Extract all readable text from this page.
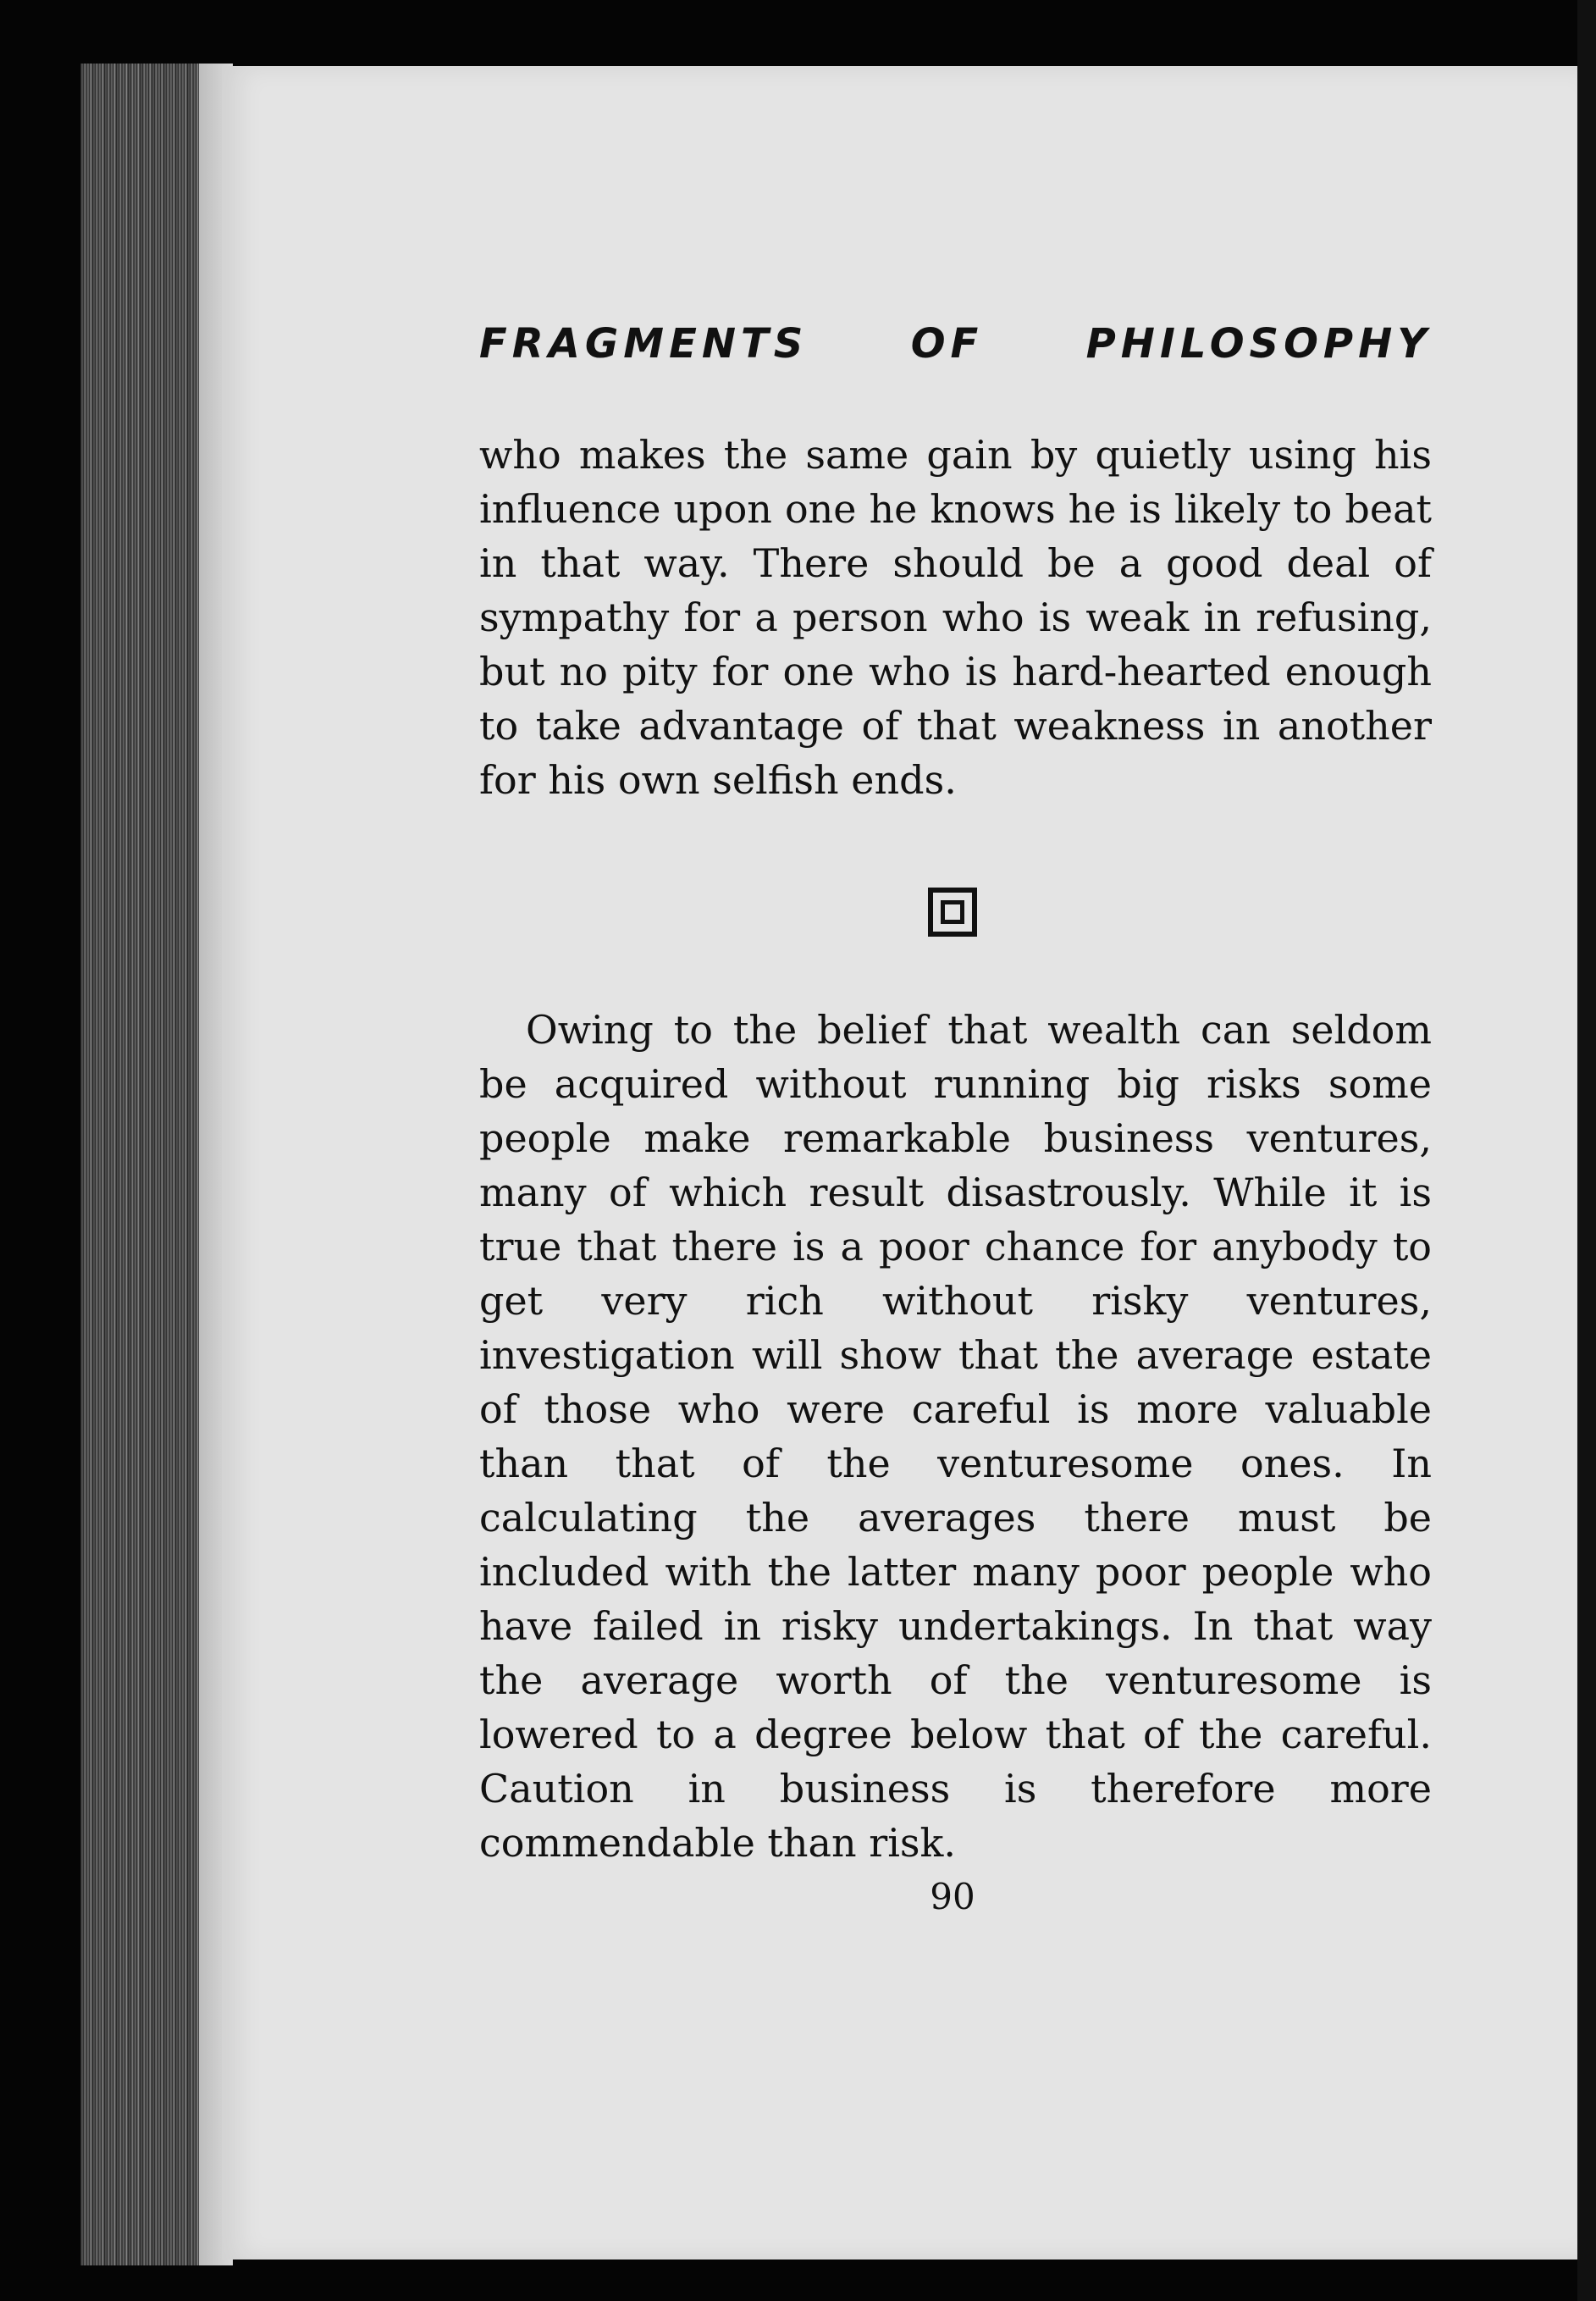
FRAGMENTS	OF	PHILOSOPHY

who makes the same gain by quietly using his influence upon one he knows he is likely to beat in that way. There should be a good deal of sympathy for a person who is weak in refusing, but no pity for one who is hard-hearted enough to take advantage of that weakness in another for his own selfish ends.

Owing to the belief that wealth can seldom be acquired without running big risks some people make remarkable business ventures, many of which result disastrously. While it is true that there is a poor chance for anybody to get very rich without risky ventures, investigation will show that the average estate of those who were careful is more valuable than that of the venturesome ones. In calculating the averages there must be included with the latter many poor people who have failed in risky undertakings. In that way the average worth of the venturesome is lowered to a degree below that of the careful. Caution in business is therefore more commendable than risk.

90
